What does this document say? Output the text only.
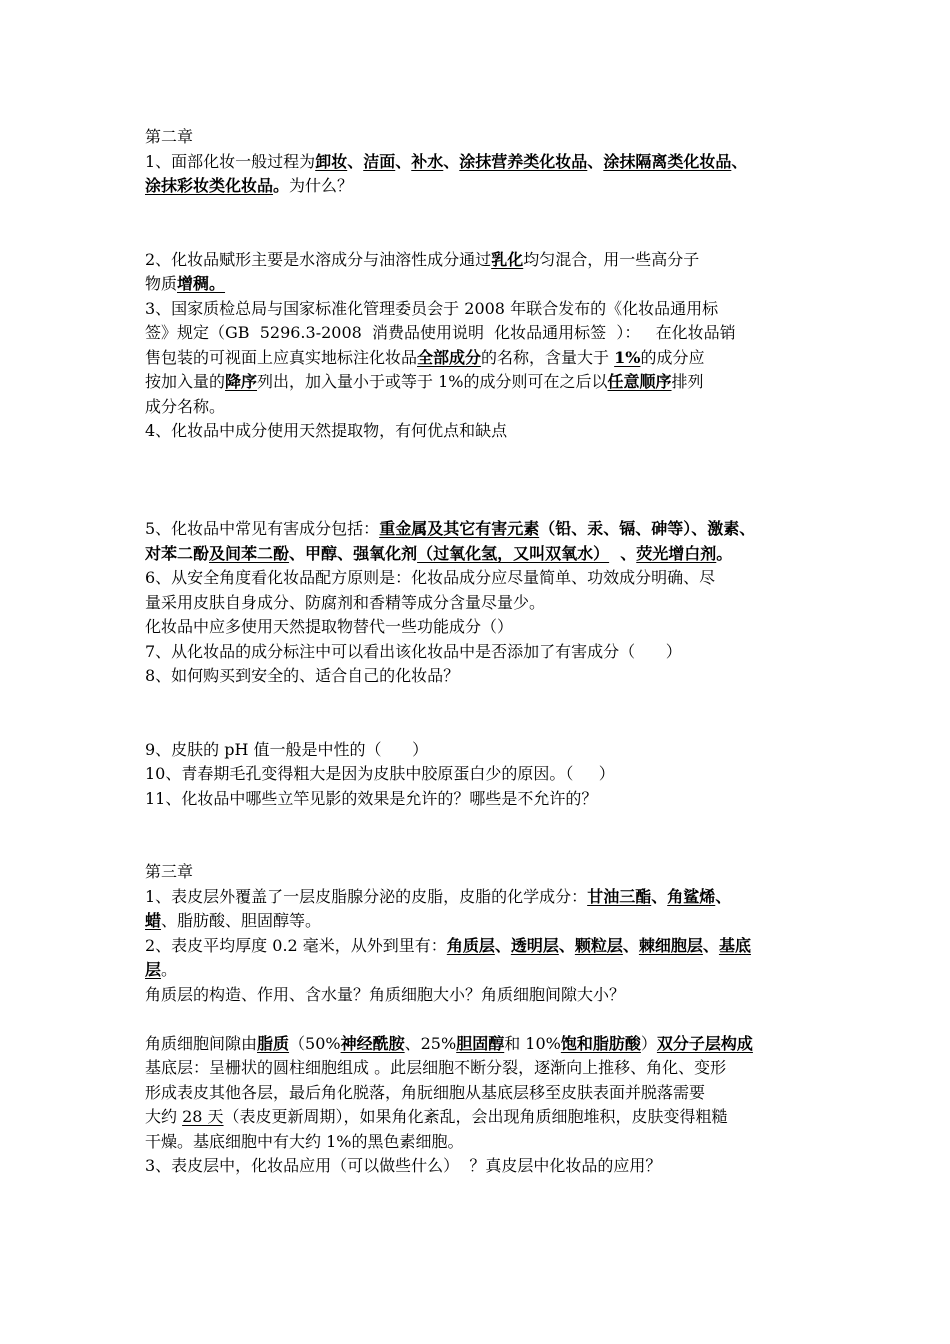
第二章
1、面部化妆一般过程为卸妆、洁面、补水、涂抹营养类化妆品、涂抹隔离类化妆品、
涂抹彩妆类化妆品。为什么？
2、化妆品赋形主要是水溶成分与油溶性成分通过乳化均匀混合，用一些高分子
物质增稠。
3、国家质检总局与国家标准化管理委员会于 2008 年联合发布的《化妆品通用标
签》规定（GB  5296.3-2008  消费品使用说明  化妆品通用标签  ）：   在化妆品销
售包装的可视面上应真实地标注化妆品全部成分的名称，含量大于 1%的成分应
按加入量的降序列出，加入量小于或等于 1%的成分则可在之后以任意顺序排列
成分名称。
4、化妆品中成分使用天然提取物，有何优点和缺点
5、化妆品中常见有害成分包括：重金属及其它有害元素（铅、汞、镉、砷等）、激素、
对苯二酚及间苯二酚、甲醇、强氧化剂（过氧化氢，又叫双氧水）  、荧光增白剂。
6、从安全角度看化妆品配方原则是：化妆品成分应尽量简单、功效成分明确、尽
量采用皮肤自身成分、防腐剂和香精等成分含量尽量少。
化妆品中应多使用天然提取物替代一些功能成分（）
7、从化妆品的成分标注中可以看出该化妆品中是否添加了有害成分（      ）
8、如何购买到安全的、适合自己的化妆品？
9、皮肤的 pH 值一般是中性的（      ）
10、青春期毛孔变得粗大是因为皮肤中胶原蛋白少的原因。（     ）
11、化妆品中哪些立竿见影的效果是允许的？哪些是不允许的？
第三章
1、表皮层外覆盖了一层皮脂腺分泌的皮脂，皮脂的化学成分：甘油三酯、角鲨烯、
蜡、脂肪酸、胆固醇等。
2、表皮平均厚度 0.2 毫米，从外到里有：角质层、透明层、颗粒层、棘细胞层、基底
层。
角质层的构造、作用、含水量？角质细胞大小？角质细胞间隙大小？
角质细胞间隙由脂质（50%神经酰胺、25%胆固醇和 10%饱和脂肪酸）双分子层构成
基底层：呈栅状的圆柱细胞组成 。此层细胞不断分裂，逐渐向上推移、角化、变形
形成表皮其他各层，最后角化脱落，角朊细胞从基底层移至皮肤表面并脱落需要
大约 28 天（表皮更新周期），如果角化紊乱，会出现角质细胞堆积，皮肤变得粗糙
干燥。基底细胞中有大约 1%的黑色素细胞。
3、表皮层中，化妆品应用（可以做些什么）  ？真皮层中化妆品的应用？
